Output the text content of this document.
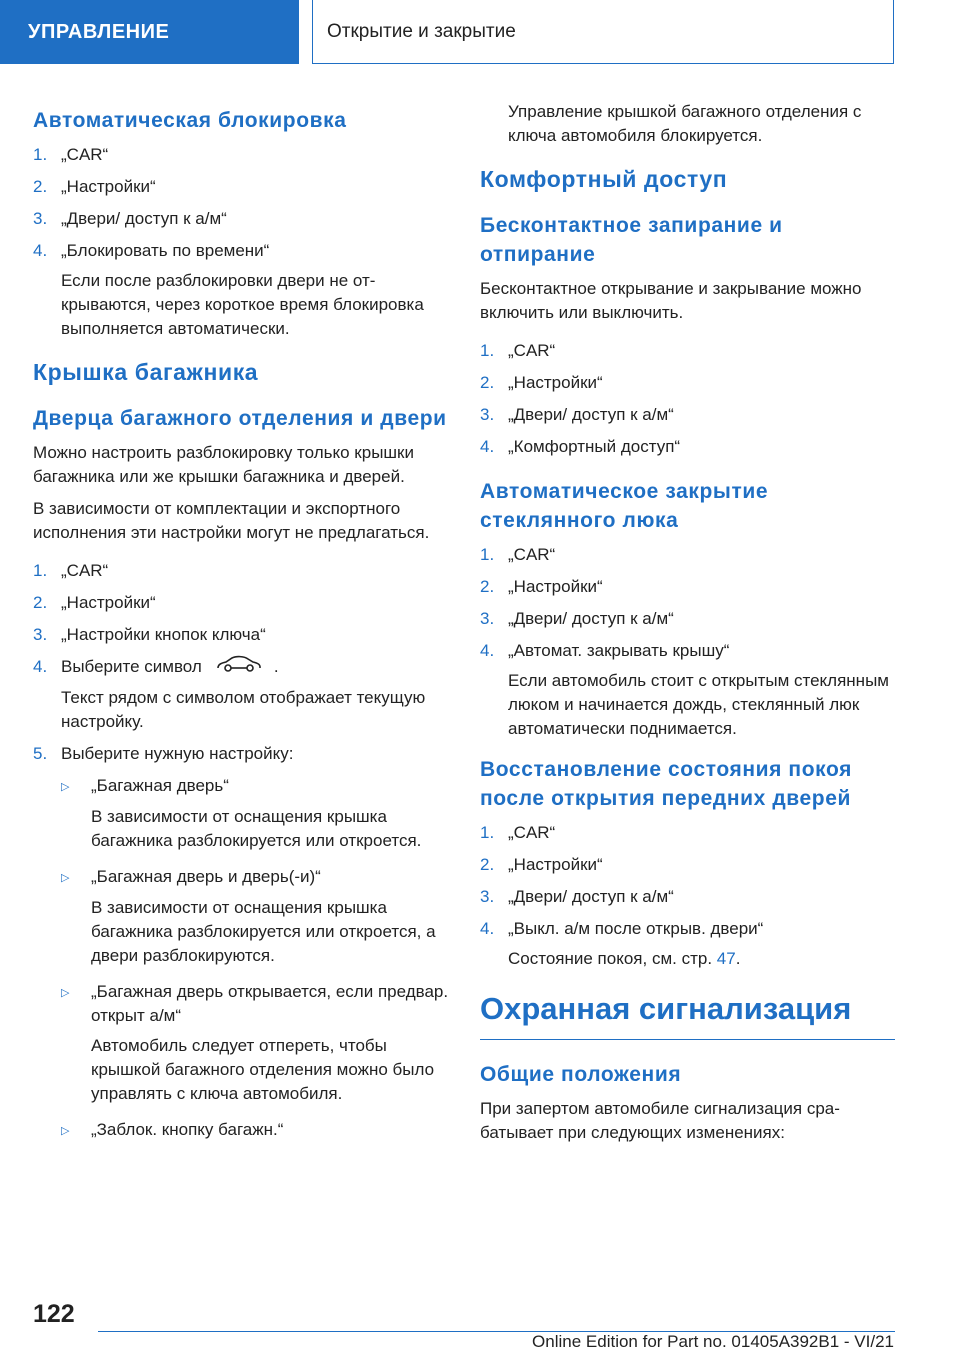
УПРАВЛЕНИЕ	Открытие и закрытие
Автоматическая блокировка
1. „CAR“
2. „Настройки“
3. „Двери/ доступ к а/м“
4. „Блокировать по времени“

Если после разблокировки двери не открываются, через короткое время блокировка выполняется автоматически.

Крышка багажника
Дверца багажного отделения и двери

Можно настроить разблокировку только крышки багажника или же крышки багажника и дверей.

В зависимости от комплектации и экспортного исполнения эти настройки могут не предлагаться.

1. „CAR“
2. „Настройки“
3. „Настройки кнопок ключа“
4. Выберите символ	.

Текст рядом с символом отображает текущую настройку.

5. Выберите нужную настройку:
▷	„Багажная дверь“

В зависимости от оснащения крышка багажника разблокируется или откроется.

▷	„Багажная дверь и дверь(-и)“

В зависимости от оснащения крышка багажника разблокируется или откроется, а двери разблокируются.

▷	„Багажная дверь открывается, если предвар. открыт а/м“

Автомобиль следует отпереть, чтобы крышкой багажного отделения можно было управлять с ключа автомобиля.

▷	„Заблок. кнопку багажн.“

Управление крышкой багажного отделения с ключа автомобиля блокируется.

Комфортный доступ
Бесконтактное запирание и отпирание

Бесконтактное открывание и закрывание можно включить или выключить.

1. „CAR“
2. „Настройки“
3. „Двери/ доступ к а/м“
4. „Комфортный доступ“
Автоматическое закрытие стеклянного люка
1. „CAR“
2. „Настройки“
3. „Двери/ доступ к а/м“
4. „Автомат. закрывать крышу“

Если автомобиль стоит с открытым стеклянным люком и начинается дождь, стеклянный люк автоматически поднимается.

Восстановление состояния покоя после открытия передних дверей
1. „CAR“
2. „Настройки“
3. „Двери/ доступ к а/м“
4. „Выкл. а/м после открыв. двери“

Состояние покоя, см. стр. 47.

Охранная сигнализация
Общие положения

При запертом автомобиле сигнализация срабатывает при следующих изменениях:

122
Online Edition for Part no. 01405A392B1 - VI/21
